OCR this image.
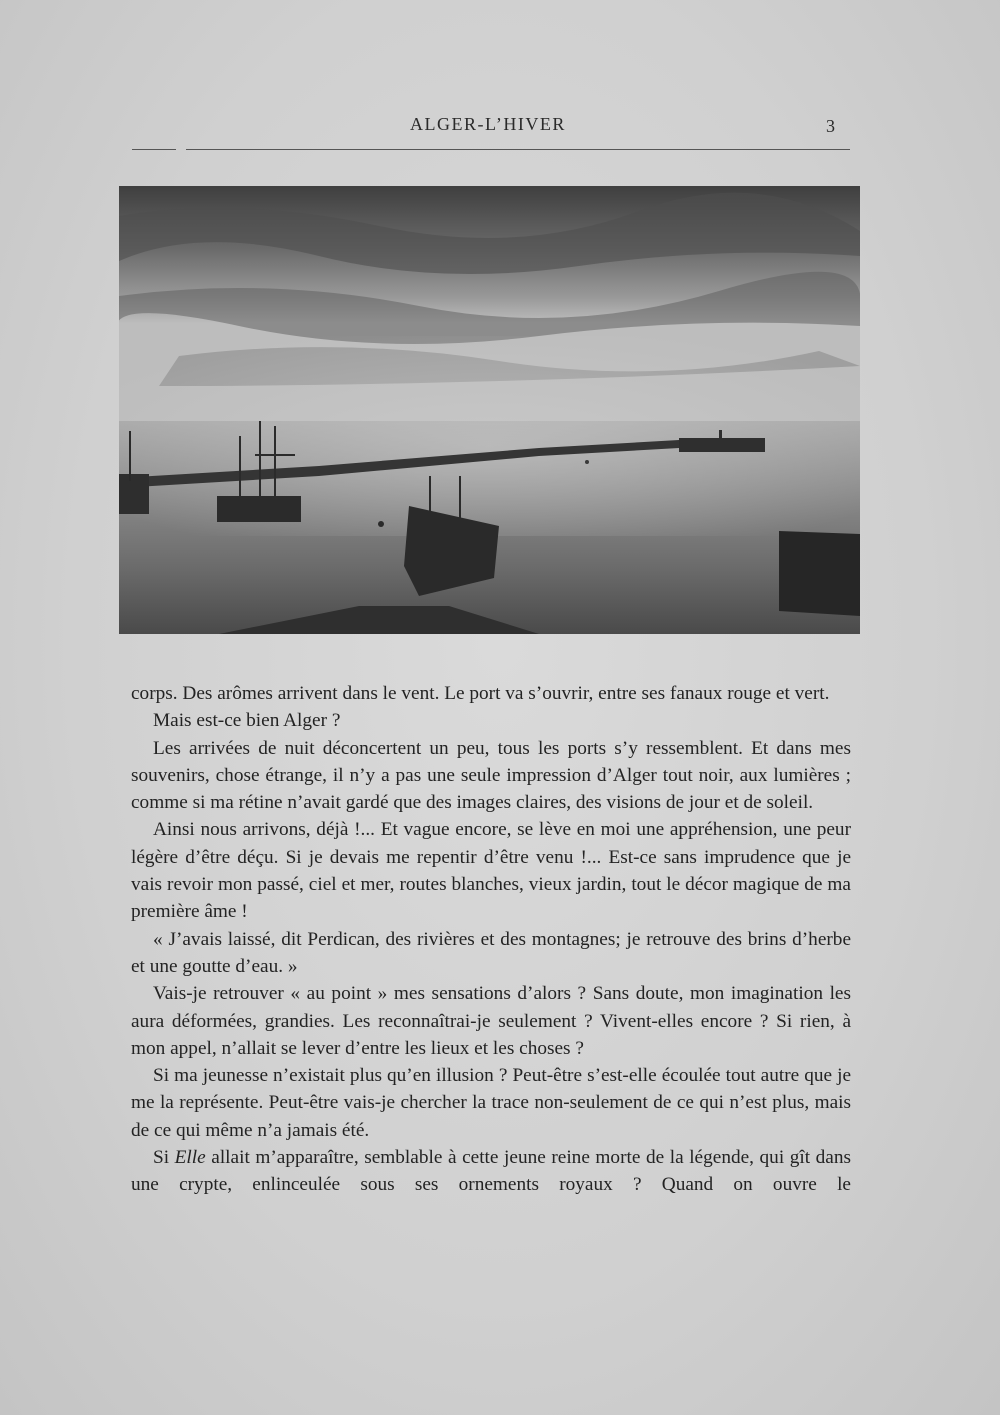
ALGER-L’HIVER	3

corps. Des arômes arrivent dans le vent. Le port va s’ouvrir, entre ses fanaux rouge et vert.

Mais est-ce bien Alger ?

Les arrivées de nuit déconcertent un peu, tous les ports s’y ressemblent. Et dans mes souvenirs, chose étrange, il n’y a pas une seule impression d’Alger tout noir, aux lumières ; comme si ma rétine n’avait gardé que des images claires, des visions de jour et de soleil.

Ainsi nous arrivons, déjà !... Et vague encore, se lève en moi une appréhension, une peur légère d’être déçu. Si je devais me repentir d’être venu !... Est-ce sans imprudence que je vais revoir mon passé, ciel et mer, routes blanches, vieux jardin, tout le décor magique de ma première âme !

« J’avais laissé, dit Perdican, des rivières et des montagnes; je retrouve des brins d’herbe et une goutte d’eau. »

Vais-je retrouver « au point » mes sensations d’alors ? Sans doute, mon imagination les aura déformées, grandies. Les reconnaîtrai-je seulement ? Vivent-elles encore ? Si rien, à mon appel, n’allait se lever d’entre les lieux et les choses ?

Si ma jeunesse n’existait plus qu’en illusion ? Peut-être s’est-elle écoulée tout autre que je me la représente. Peut-être vais-je chercher la trace non-seulement de ce qui n’est plus, mais de ce qui même n’a jamais été.

Si Elle allait m’apparaître, semblable à cette jeune reine morte de la légende, qui gît dans une crypte, enlinceulée sous ses ornements royaux ? Quand on ouvre le
